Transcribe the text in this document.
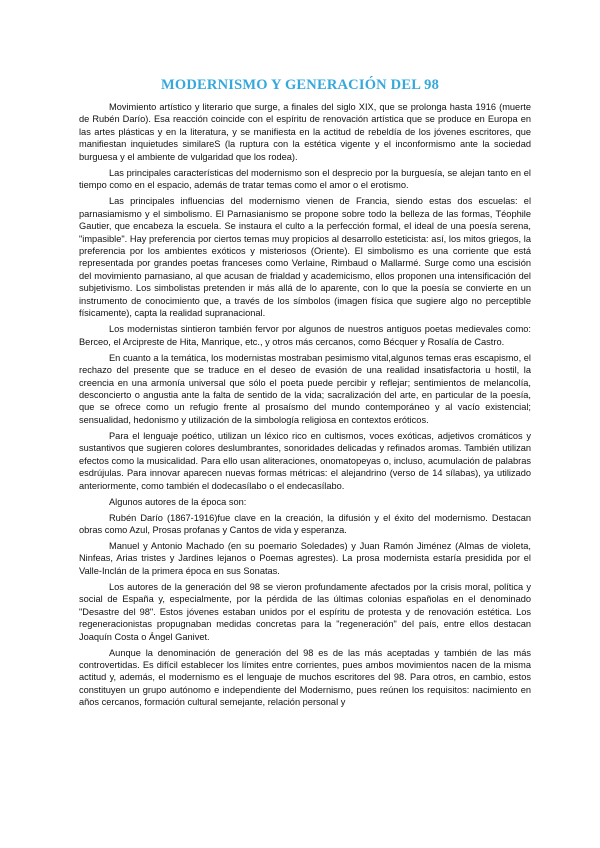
MODERNISMO Y GENERACIÓN DEL 98

Movimiento artístico y literario que surge, a finales del siglo XIX, que se prolonga hasta 1916 (muerte de Rubén Darío). Esa reacción coincide con el espíritu de renovación artística que se produce en Europa en las artes plásticas y en la literatura, y se manifiesta en la actitud de rebeldía de los jóvenes escritores, que manifiestan inquietudes similareS (la ruptura con la estética vigente y el inconformismo ante la sociedad burguesa y el ambiente de vulgaridad que los rodea).

Las principales características del modernismo son el desprecio por la burguesía, se alejan tanto en el tiempo como en el espacio, además de tratar temas como el amor o el erotismo.

Las principales influencias del modernismo vienen de Francia, siendo estas dos escuelas: el parnasiamismo y el simbolismo. El Parnasianismo se propone sobre todo la belleza de las formas, Téophile Gautier, que encabeza la escuela. Se instaura el culto a la perfección formal, el ideal de una poesía serena, "impasible". Hay preferencia por ciertos temas muy propicios al desarrollo esteticista: así, los mitos griegos, la preferencia por los ambientes exóticos y misteriosos (Oriente). El simbolismo es una corriente que está representada por grandes poetas franceses como Verlaine, Rimbaud o Mallarmé. Surge como una escisión del movimiento parnasiano, al que acusan de frialdad y academicismo, ellos proponen una intensificación del subjetivismo. Los simbolistas pretenden ir más allá de lo aparente, con lo que la poesía se convierte en un instrumento de conocimiento que, a través de los símbolos (imagen física que sugiere algo no perceptible físicamente), capta la realidad supranacional.

Los modernistas sintieron también fervor por algunos de nuestros antiguos poetas medievales como: Berceo, el Arcipreste de Hita, Manrique, etc., y otros más cercanos, como Bécquer y Rosalía de Castro.

En cuanto a la temática, los modernistas mostraban pesimismo vital,algunos temas eras escapismo, el rechazo del presente que se traduce en el deseo de evasión de una realidad insatisfactoria u hostil, la creencia en una armonía universal que sólo el poeta puede percibir y reflejar; sentimientos de melancolía, desconcierto o angustia ante la falta de sentido de la vida; sacralización del arte, en particular de la poesía, que se ofrece como un refugio frente al prosaísmo del mundo contemporáneo y al vacío existencial; sensualidad, hedonismo y utilización de la simbología religiosa en contextos eróticos.

Para el lenguaje poético, utilizan un léxico rico en cultismos, voces exóticas, adjetivos cromáticos y sustantivos que sugieren colores deslumbrantes, sonoridades delicadas y refinados aromas. También utilizan efectos como la musicalidad. Para ello usan aliteraciones, onomatopeyas o, incluso, acumulación de palabras esdrújulas. Para innovar aparecen nuevas formas métricas: el alejandrino (verso de 14 sílabas), ya utilizado anteriormente, como también el dodecasílabo o el endecasílabo.

Algunos autores de la época son:

Rubén Darío (1867-1916)fue clave en la creación, la difusión y el éxito del modernismo. Destacan obras como Azul, Prosas profanas y Cantos de vida y esperanza.

Manuel y Antonio Machado (en su poemario Soledades) y Juan Ramón Jiménez (Almas de violeta, Ninfeas, Arias tristes y Jardines lejanos o Poemas agrestes). La prosa modernista estaría presidida por el Valle-Inclán de la primera época en sus Sonatas.

Los autores de la generación del 98 se vieron profundamente afectados por la crisis moral, política y social de España y, especialmente, por la pérdida de las últimas colonias españolas en el denominado "Desastre del 98". Estos jóvenes estaban unidos por el espíritu de protesta y de renovación estética. Los regeneracionistas propugnaban medidas concretas para la "regeneración" del país, entre ellos destacan Joaquín Costa o Ángel Ganivet.

Aunque la denominación de generación del 98 es de las más aceptadas y también de las más controvertidas. Es difícil establecer los límites entre corrientes, pues ambos movimientos nacen de la misma actitud y, además, el modernismo es el lenguaje de muchos escritores del 98. Para otros, en cambio, estos constituyen un grupo autónomo e independiente del Modernismo, pues reúnen los requisitos: nacimiento en años cercanos, formación cultural semejante, relación personal y
